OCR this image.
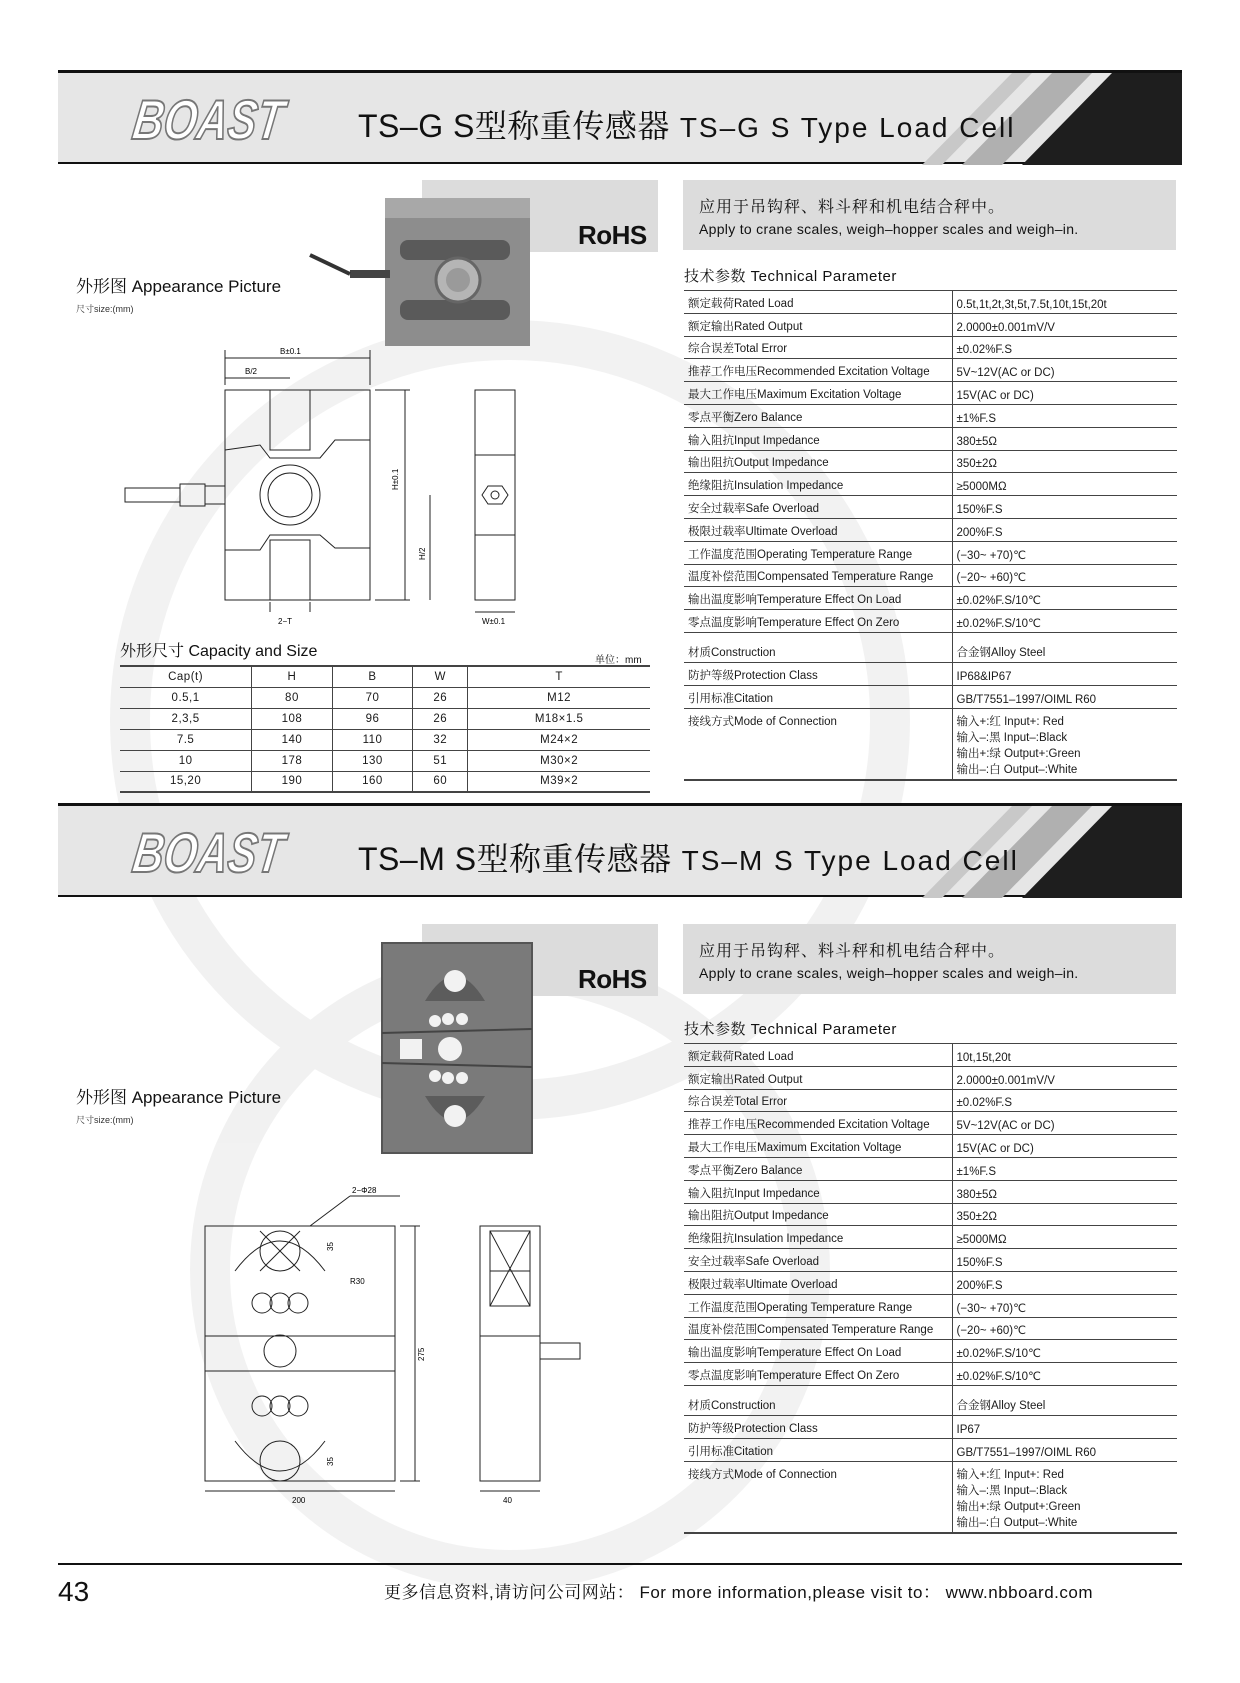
BOAST TS–G S型称重传感器 TS–G S Type Load Cell
RoHS
外形图 Appearance Picture
尺寸size:(mm)
B±0.1
B/2
H±0.1
H/2
2−T	W±0.1
应用于吊钩秤、料斗秤和机电结合秤中。
Apply to crane scales, weigh–hopper scales and weigh–in.
技术参数 Technical Parameter
额定载荷Rated Load	0.5t,1t,2t,3t,5t,7.5t,10t,15t,20t
额定输出Rated Output	2.0000±0.001mV/V
综合误差Total Error	±0.02%F.S
推荐工作电压Recommended Excitation Voltage	5V~12V(AC or DC)
最大工作电压Maximum Excitation Voltage	15V(AC or DC)
零点平衡Zero Balance	±1%F.S
输入阻抗Input Impedance	380±5Ω
输出阻抗Output Impedance	350±2Ω
绝缘阻抗Insulation Impedance	≥5000MΩ
安全过载率Safe Overload	150%F.S
极限过载率Ultimate Overload	200%F.S
工作温度范围Operating Temperature Range	(−30~ +70)℃
温度补偿范围Compensated Temperature Range	(−20~ +60)℃
输出温度影响Temperature Effect On Load	±0.02%F.S/10℃
零点温度影响Temperature Effect On Zero	±0.02%F.S/10℃
材质Construction	合金钢Alloy Steel
防护等级Protection Class	IP68&IP67
引用标准Citation	GB/T7551–1997/OIML R60
接线方式Mode of Connection	输入+:红 Input+: Red
输入–:黑 Input–:Black
输出+:绿 Output+:Green
输出–:白 Output–:White
外形尺寸 Capacity and Size
单位：mm
Cap(t)	H	B	W	T
0.5,1	80	70	26	M12
2,3,5	108	96	26	M18×1.5
7.5	140	110	32	M24×2
10	178	130	51	M30×2
15,20	190	160	60	M39×2
BOAST TS–M S型称重传感器 TS–M S Type Load Cell
RoHS
外形图 Appearance Picture
尺寸size:(mm)
2−Φ28
35
R30
275
35
200	40
应用于吊钩秤、料斗秤和机电结合秤中。
Apply to crane scales, weigh–hopper scales and weigh–in.
技术参数 Technical Parameter
额定载荷Rated Load	10t,15t,20t
额定输出Rated Output	2.0000±0.001mV/V
综合误差Total Error	±0.02%F.S
推荐工作电压Recommended Excitation Voltage	5V~12V(AC or DC)
最大工作电压Maximum Excitation Voltage	15V(AC or DC)
零点平衡Zero Balance	±1%F.S
输入阻抗Input Impedance	380±5Ω
输出阻抗Output Impedance	350±2Ω
绝缘阻抗Insulation Impedance	≥5000MΩ
安全过载率Safe Overload	150%F.S
极限过载率Ultimate Overload	200%F.S
工作温度范围Operating Temperature Range	(−30~ +70)℃
温度补偿范围Compensated Temperature Range	(−20~ +60)℃
输出温度影响Temperature Effect On Load	±0.02%F.S/10℃
零点温度影响Temperature Effect On Zero	±0.02%F.S/10℃
材质Construction	合金钢Alloy Steel
防护等级Protection Class	IP67
引用标准Citation	GB/T7551–1997/OIML R60
接线方式Mode of Connection	输入+:红 Input+: Red
输入–:黑 Input–:Black
输出+:绿 Output+:Green
输出–:白 Output–:White
43	更多信息资料,请访问公司网站： For more information,please visit to： www.nbboard.com
